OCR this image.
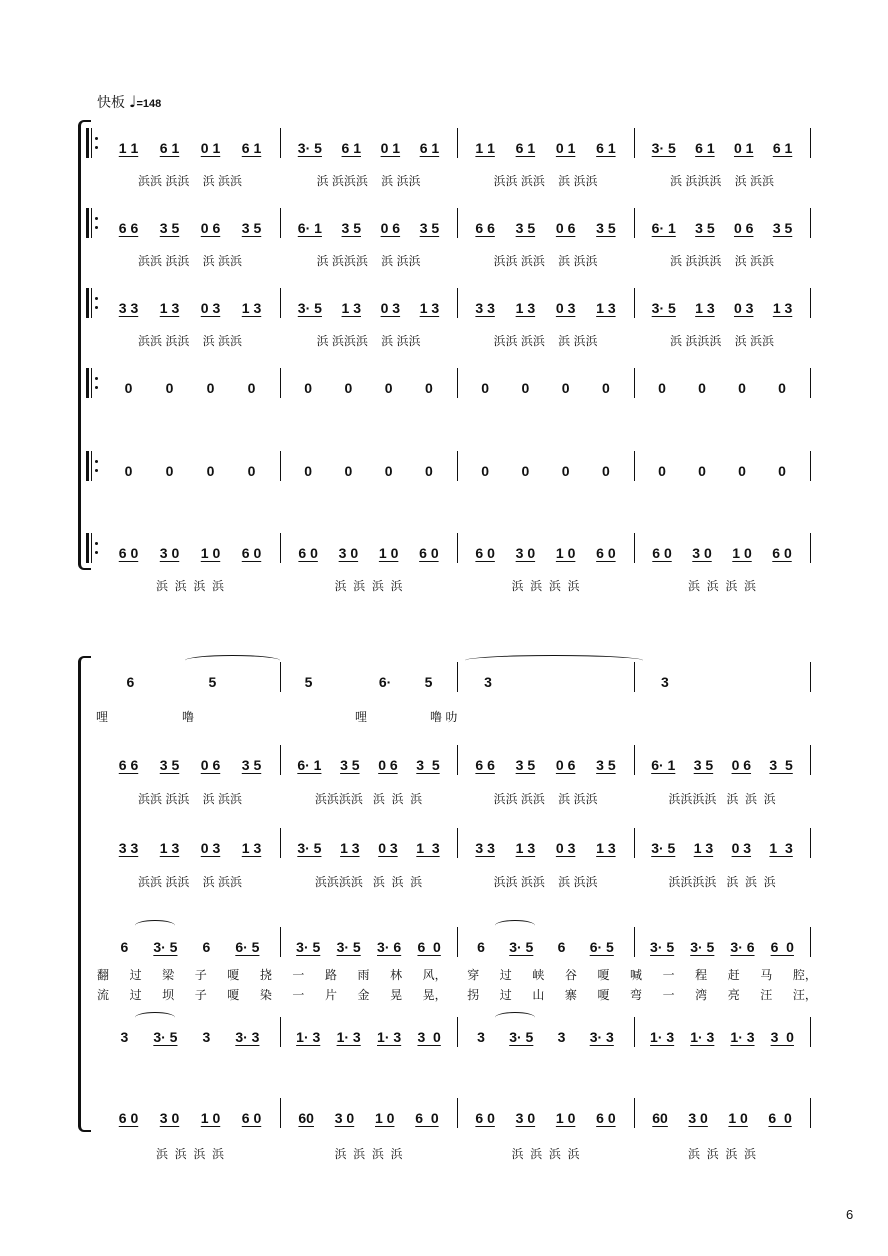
快板 ♩=148
1 1 6 1 0 1 6 1	3· 5 6 1 0 1 6 1	1 1 6 1 0 1 6 1	3· 5 6 1 0 1 6 1
浜浜 浜浜    浜 浜浜	浜 浜浜浜    浜 浜浜	浜浜 浜浜    浜 浜浜	浜 浜浜浜    浜 浜浜
6 6 3 5 0 6 3 5	6· 1 3 5 0 6 3 5	6 6 3 5 0 6 3 5	6· 1 3 5 0 6 3 5
浜浜 浜浜    浜 浜浜	浜 浜浜浜    浜 浜浜	浜浜 浜浜    浜 浜浜	浜 浜浜浜    浜 浜浜
3 3 1 3 0 3 1 3	3· 5 1 3 0 3 1 3	3 3 1 3 0 3 1 3	3· 5 1 3 0 3 1 3
浜浜 浜浜    浜 浜浜	浜 浜浜浜    浜 浜浜	浜浜 浜浜    浜 浜浜	浜 浜浜浜    浜 浜浜
0 0 0 0	0 0 0 0	0 0 0 0	0 0 0 0
0 0 0 0	0 0 0 0	0 0 0 0	0 0 0 0
6 0 3 0 1 0 6 0	6 0 3 0 1 0 6 0	6 0 3 0 1 0 6 0	6 0 3 0 1 0 6 0
浜  浜  浜  浜	浜  浜  浜  浜	浜  浜  浜  浜	浜  浜  浜  浜
6	5	5	6· 5	3	3
6 6 3 5 0 6 3 5	6· 1 3 5 0 6 3  5	6 6 3 5 0 6 3 5	6· 1 3 5 0 6 3  5
浜浜 浜浜    浜 浜浜	浜浜浜浜   浜  浜  浜	浜浜 浜浜    浜 浜浜	浜浜浜浜   浜  浜  浜
3 3 1 3 0 3 1 3	3· 5 1 3 0 3 1  3	3 3 1 3 0 3 1 3	3· 5 1 3 0 3 1  3
浜浜 浜浜    浜 浜浜	浜浜浜浜   浜  浜  浜	浜浜 浜浜    浜 浜浜	浜浜浜浜   浜  浜  浜
6 3· 5 6 6· 5	3· 5 3· 5 3· 6 6  0	6 3· 5 6 6· 5	3· 5 3· 5 3· 6 6  0
3 3· 5 3 3· 3	1· 3 1· 3 1· 3 3  0	3 3· 5 3 3· 3	1· 3 1· 3 1· 3 3  0
6 0 3 0 1 0 6 0	60 3 0 1 0 6  0	6 0 3 0 1 0 6 0	60 3 0 1 0 6  0
浜  浜  浜  浜	浜  浜  浜  浜	浜  浜  浜  浜	浜  浜  浜  浜
哩	噜	哩	噜 叻
翻 过 梁 子 嗄 挠 一 路 雨 林 风， 穿 过 峡 谷 嗄 喊 一 程 赶 马 腔，
流 过 坝 子 嗄 染 一 片 金 晃 晃， 拐 过 山 寨 嗄 弯 一 湾 亮 汪 汪，
6
